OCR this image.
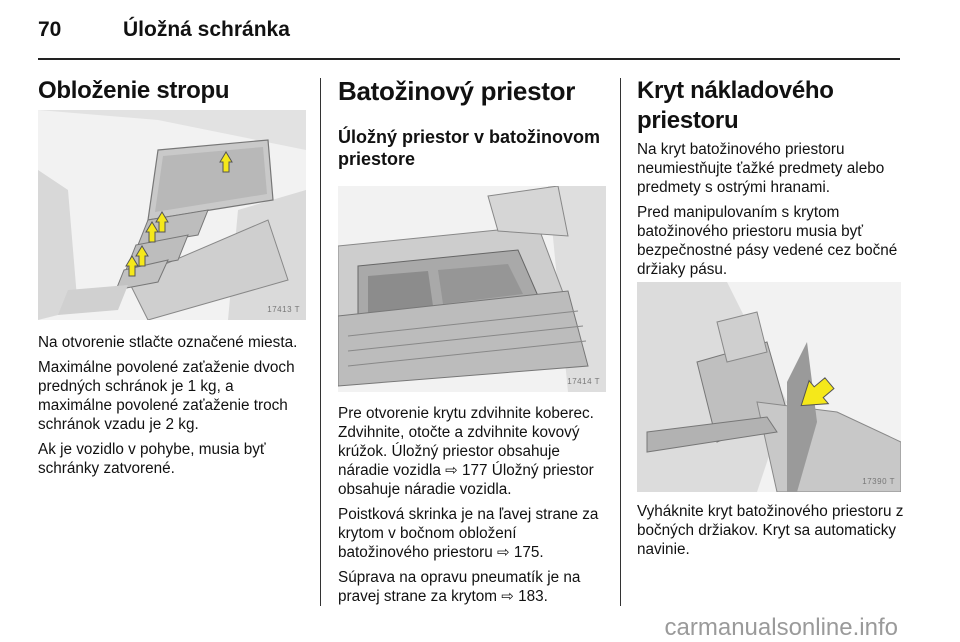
70	Úložná schránka
Obloženie stropu
17413 T

Na otvorenie stlačte označené miesta.

Maximálne povolené zaťaženie dvoch predných schránok je 1 kg, a maximálne povolené zaťaženie troch schránok vzadu je 2 kg.

Ak je vozidlo v pohybe, musia byť schránky zatvorené.

Batožinový priestor
Úložný priestor v batožinovom priestore
17414 T

Pre otvorenie krytu zdvihnite koberec. Zdvihnite, otočte a zdvihnite kovový krúžok. Úložný priestor obsahuje náradie vozidla ⇨ 177 Úložný priestor obsahuje náradie vozidla.

Poistková skrinka je na ľavej strane za krytom v bočnom obložení batožinového priestoru ⇨ 175.

Súprava na opravu pneumatík je na pravej strane za krytom ⇨ 183.

Kryt nákladového priestoru

Na kryt batožinového priestoru neumiestňujte ťažké predmety alebo predmety s ostrými hranami.

Pred manipulovaním s krytom batožinového priestoru musia byť bezpečnostné pásy vedené cez bočné držiaky pásu.

17390 T

Vyháknite kryt batožinového priestoru z bočných držiakov. Kryt sa automaticky navinie.

carmanualsonline.info
